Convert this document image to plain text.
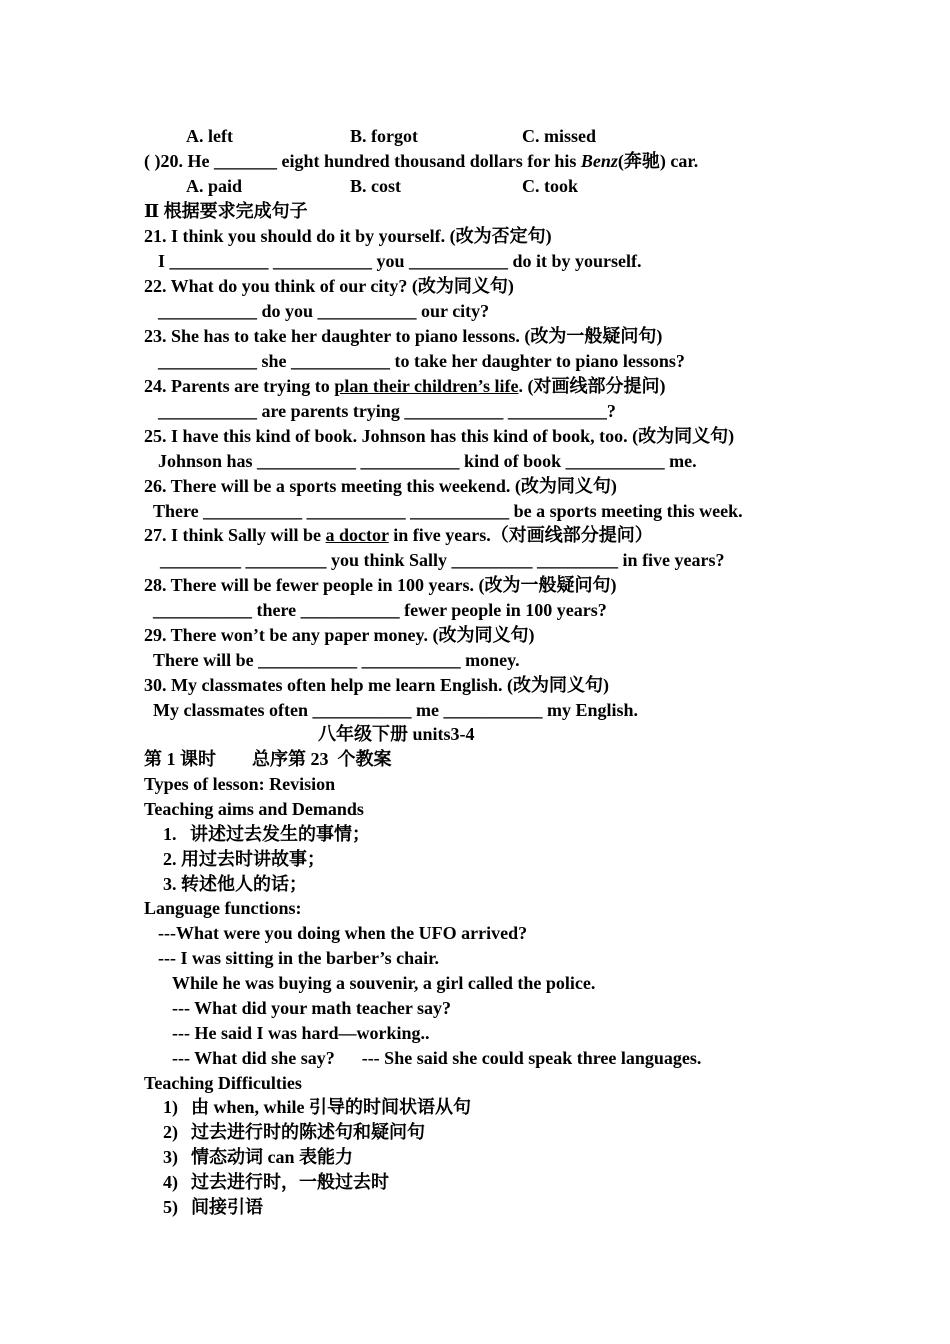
A. left	B. forgot	C. missed
( )20. He _______ eight hundred thousand dollars for his Benz(奔驰) car.
A. paid	B. cost	C. took
Ⅱ 根据要求完成句子
21. I think you should do it by yourself. (改为否定句)
I ___________ ___________ you ___________ do it by yourself.
22. What do you think of our city? (改为同义句)
___________ do you ___________ our city?
23. She has to take her daughter to piano lessons. (改为一般疑问句)
___________ she ___________ to take her daughter to piano lessons?
24. Parents are trying to plan their children’s life. (对画线部分提问)
___________ are parents trying ___________ ___________?
25. I have this kind of book. Johnson has this kind of book, too. (改为同义句)
Johnson has ___________ ___________ kind of book ___________ me.
26. There will be a sports meeting this weekend. (改为同义句)
There ___________ ___________ ___________ be a sports meeting this week.
27. I think Sally will be a doctor in five years.（对画线部分提问）
_________ _________ you think Sally _________ _________ in five years?
28. There will be fewer people in 100 years. (改为一般疑问句)
___________ there ___________ fewer people in 100 years?
29. There won’t be any paper money. (改为同义句)
There will be ___________ ___________ money.
30. My classmates often help me learn English. (改为同义句)
My classmates often ___________ me ___________ my English.
八年级下册 units3-4
第 1 课时        总序第 23  个教案
Types of lesson: Revision
Teaching aims and Demands
1.   讲述过去发生的事情；
2. 用过去时讲故事；
3. 转述他人的话；
Language functions:
---What were you doing when the UFO arrived?
--- I was sitting in the barber’s chair.
While he was buying a souvenir, a girl called the police.
--- What did your math teacher say?
--- He said I was hard—working..
--- What did she say?      --- She said she could speak three languages.
Teaching Difficulties
1) 由 when, while 引导的时间状语从句
2) 过去进行时的陈述句和疑问句
3) 情态动词 can 表能力
4) 过去进行时，一般过去时
5) 间接引语
